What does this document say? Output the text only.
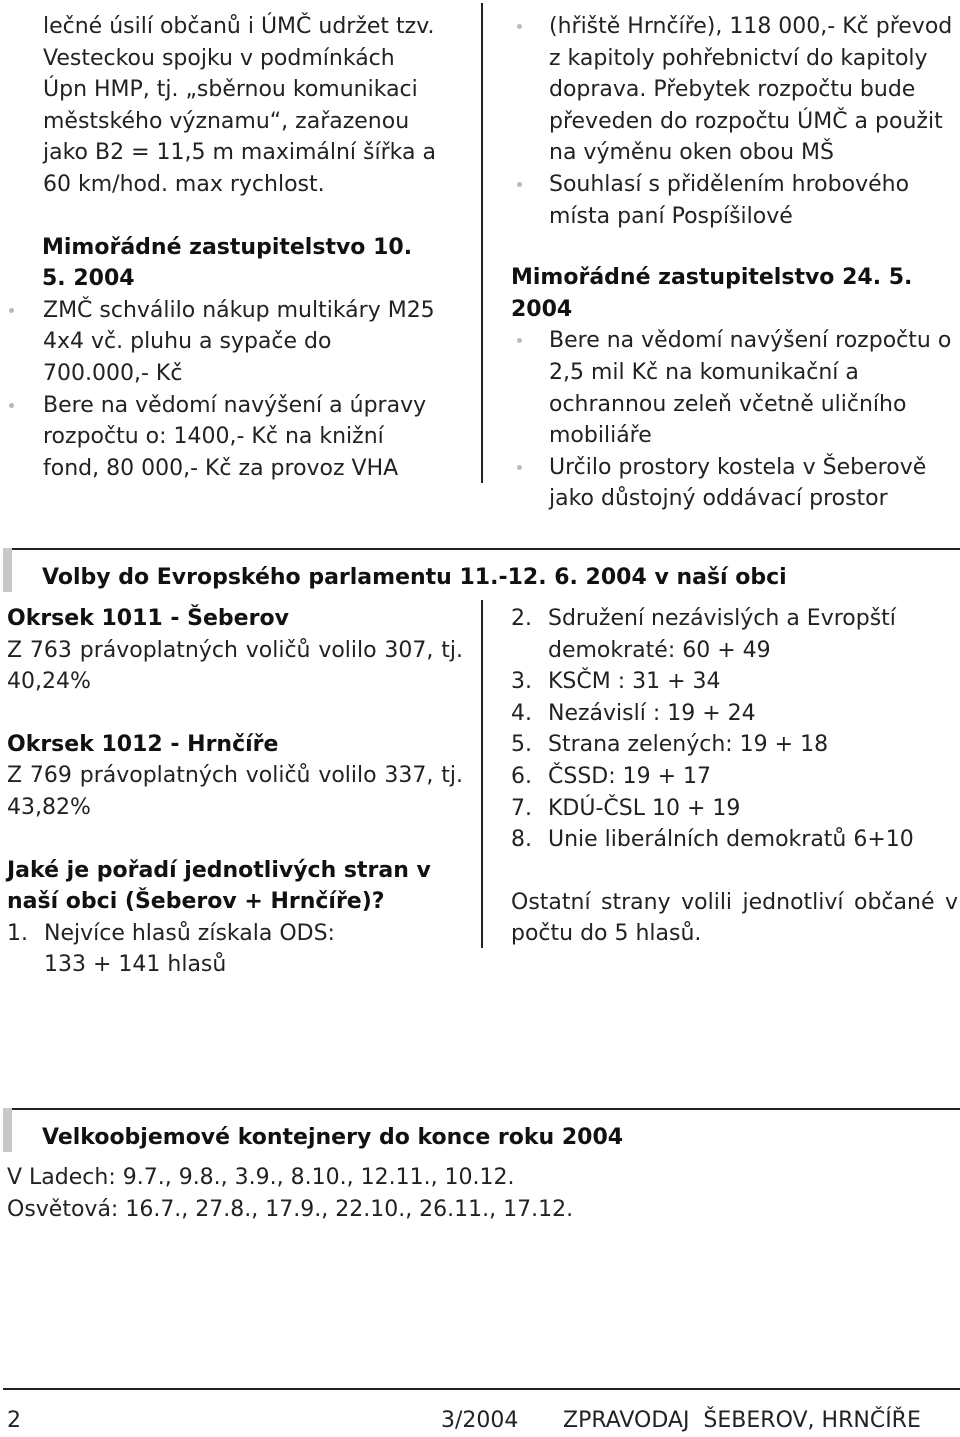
lečné úsilí občanů i ÚMČ udržet tzv. Vesteckou spojku v podmínkách Úpn HMP, tj. „sběrnou komunikaci městského významu“, zařazenou jako B2 = 11,5 m maximální šířka a 60 km/hod. max rychlost.
Mimořádné zastupitelstvo 10. 5. 2004
ZMČ schválilo nákup multikáry M25 4x4 vč. pluhu a sypače do 700.000,- Kč
Bere na vědomí navýšení a úpravy rozpočtu o: 1400,- Kč na knižní fond, 80 000,- Kč za provoz VHA
(hřiště Hrnčíře), 118 000,- Kč převod z kapitoly pohřebnictví do kapitoly doprava. Přebytek rozpočtu bude převeden do rozpočtu ÚMČ a použit na výměnu oken obou MŠ
Souhlasí s přidělením hrobového místa paní Pospíšilové
Mimořádné zastupitelstvo 24. 5. 2004
Bere na vědomí navýšení rozpočtu o 2,5 mil Kč na komunikační a ochrannou zeleň včetně uličního mobiliáře
Určilo prostory kostela v Šeberově jako důstojný oddávací prostor
Volby do Evropského parlamentu 11.-12. 6. 2004 v naší obci
Okrsek 1011 - Šeberov
Z 763 právoplatných voličů volilo 307, tj. 40,24%
Okrsek 1012 - Hrnčíře
Z 769 právoplatných voličů volilo 337, tj. 43,82%
Jaké je pořadí jednotlivých stran v naší obci (Šeberov + Hrnčíře)?
1. Nejvíce hlasů získala ODS: 133 + 141 hlasů
2. Sdružení nezávislých a Evropští demokraté: 60 + 49
3. KSČM : 31 + 34
4. Nezávislí : 19 + 24
5. Strana zelených: 19 + 18
6. ČSSD: 19 + 17
7. KDÚ-ČSL 10 + 19
8. Unie liberálních demokratů 6+10
Ostatní strany volili jednotliví občané v počtu do 5 hlasů.
Velkoobjemové kontejnery do konce roku 2004
V Ladech: 9.7., 9.8., 3.9., 8.10., 12.11., 10.12.
Osvětová: 16.7., 27.8., 17.9., 22.10., 26.11., 17.12.
2	3/2004 ZPRAVODAJ  ŠEBEROV, HRNČÍŘE
